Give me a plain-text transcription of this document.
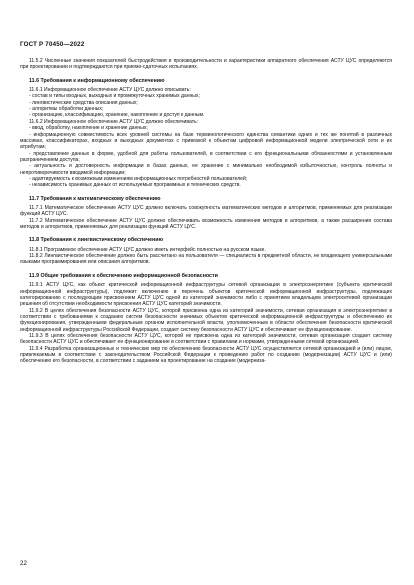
ГОСТ Р 70450—2022
11.5.2 Численные значения показателей быстродействия и производительности и характеристики аппаратного обеспечения АСТУ ЦУС определяются при проектировании и подтверждаются при приемо-сдаточных испытаниях.
11.6 Требования к информационному обеспечению
11.6.1 Информационное обеспечение АСТУ ЦУС должно описывать:
- состав и типы входных, выходных и промежуточных хранимых данных;
- лингвистические средства описания данных;
- алгоритмы обработки данных;
- организацию, классификацию, хранение, накопление и доступ к данным.
11.6.2 Информационное обеспечение АСТУ ЦУС должно обеспечивать:
- ввод, обработку, накопление и хранение данных;
- информационную совместимость всех уровней системы на базе терминологического единства семантики одних и тех же понятий в различных массивах, классификаторах, входных и выходных документах с привязкой к объектам цифровой информационной модели электрической сети и их атрибутам;
- представление данных в форме, удобной для работы пользователей, в соответствии с его функциональными обязанностями и установленным разграничением доступа;
- актуальность и достоверность информации в базах данных, ее хранение с минимально необходимой избыточностью, контроль полноты и непротиворечивости вводимой информации;
- адаптируемость к возможным изменениям информационных потребностей пользователей;
- независимость хранимых данных от используемых программных и технических средств.
11.7 Требования к математическому обеспечению
11.7.1 Математическое обеспечение АСТУ ЦУС должно включать совокупность математических методов и алгоритмов, применяемых для реализации функций АСТУ ЦУС.
11.7.2 Математическое обеспечение АСТУ ЦУС должно обеспечивать возможность изменения методов и алгоритмов, а также расширения состава методов и алгоритмов, применяемых для реализации функций АСТУ ЦУС.
11.8 Требования к лингвистическому обеспечению
11.8.1 Программное обеспечение АСТУ ЦУС должно иметь интерфейс полностью на русском языке.
11.8.2 Лингвистическое обеспечение должно быть рассчитано на пользователя — специалиста в предметной области, не владеющего универсальными языками программирования или описания алгоритмов.
11.9 Общие требования к обеспечению информационной безопасности
11.9.1 АСТУ ЦУС, как объект критической информационной инфраструктуры сетевой организации в электроэнергетике (субъекта критической информационной инфраструктуры), подлежит включению в перечень объектов критической информационной инфраструктуры, подлежащих категорированию с последующим присвоением АСТУ ЦУС одной из категорий значимости либо с принятием владельцем электросетевой организации решения об отсутствии необходимости присвоения АСТУ ЦУС категорий значимости.
11.9.2 В целях обеспечения безопасности АСТУ ЦУС, которой присвоена одна из категорий значимости, сетевая организация в электроэнергетике в соответствии с требованиями к созданию систем безопасности значимых объектов критической информационной инфраструктуры и обеспечению их функционирования, утвержденными федеральным органом исполнительной власти, уполномоченным в области обеспечения безопасности критической информационной инфраструктуры Российской Федерации, создает систему безопасности АСТУ ЦУС и обеспечивает ее функционирование.
11.9.3 В целях обеспечения безопасности АСТУ ЦУС, которой не присвоена одна из категорий значимости, сетевая организация создает систему безопасности АСТУ ЦУС и обеспечивает ее функционирование в соответствии с правилами и нормами, утвержденными сетевой организацией.
11.9.4 Разработка организационных и технических мер по обеспечению безопасности АСТУ ЦУС осуществляется сетевой организацией и (или) лицом, привлекаемым в соответствии с законодательством Российской Федерации к проведению работ по созданию (модернизации) АСТУ ЦУС и (или) обеспечению его безопасности, в соответствии с заданием на проектирование на создание (модерниза-
22
